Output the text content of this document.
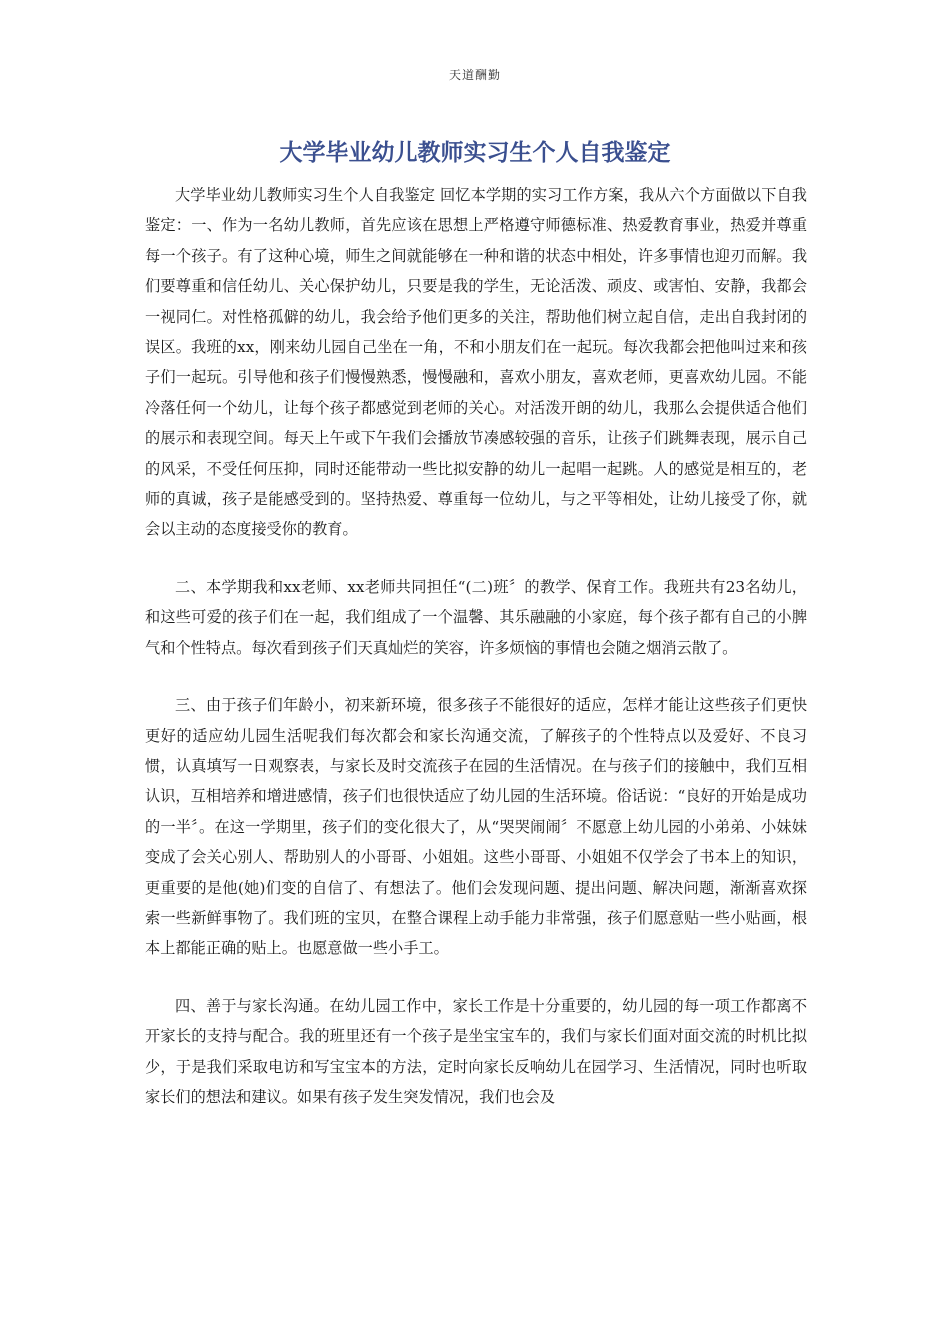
天道酬勤
大学毕业幼儿教师实习生个人自我鉴定

大学毕业幼儿教师实习生个人自我鉴定 回忆本学期的实习工作方案，我从六个方面做以下自我鉴定：一、作为一名幼儿教师，首先应该在思想上严格遵守师德标准、热爱教育事业，热爱并尊重每一个孩子。有了这种心境，师生之间就能够在一种和谐的状态中相处，许多事情也迎刃而解。我们要尊重和信任幼儿、关心保护幼儿，只要是我的学生，无论活泼、顽皮、或害怕、安静，我都会一视同仁。对性格孤僻的幼儿，我会给予他们更多的关注，帮助他们树立起自信，走出自我封闭的误区。我班的xx，刚来幼儿园自己坐在一角，不和小朋友们在一起玩。每次我都会把他叫过来和孩子们一起玩。引导他和孩子们慢慢熟悉，慢慢融和，喜欢小朋友，喜欢老师，更喜欢幼儿园。不能冷落任何一个幼儿，让每个孩子都感觉到老师的关心。对活泼开朗的幼儿，我那么会提供适合他们的展示和表现空间。每天上午或下午我们会播放节凑感较强的音乐，让孩子们跳舞表现，展示自己的风采，不受任何压抑，同时还能带动一些比拟安静的幼儿一起唱一起跳。人的感觉是相互的，老师的真诚，孩子是能感受到的。坚持热爱、尊重每一位幼儿，与之平等相处，让幼儿接受了你，就会以主动的态度接受你的教育。

二、本学期我和xx老师、xx老师共同担任“(二)班〞的教学、保育工作。我班共有23名幼儿，和这些可爱的孩子们在一起，我们组成了一个温馨、其乐融融的小家庭，每个孩子都有自己的小脾气和个性特点。每次看到孩子们天真灿烂的笑容，许多烦恼的事情也会随之烟消云散了。

三、由于孩子们年龄小，初来新环境，很多孩子不能很好的适应，怎样才能让这些孩子们更快更好的适应幼儿园生活呢我们每次都会和家长沟通交流，了解孩子的个性特点以及爱好、不良习惯，认真填写一日观察表，与家长及时交流孩子在园的生活情况。在与孩子们的接触中，我们互相认识，互相培养和增进感情，孩子们也很快适应了幼儿园的生活环境。俗话说：“良好的开始是成功的一半〞。在这一学期里，孩子们的变化很大了，从“哭哭闹闹〞不愿意上幼儿园的小弟弟、小妹妹变成了会关心别人、帮助别人的小哥哥、小姐姐。这些小哥哥、小姐姐不仅学会了书本上的知识，更重要的是他(她)们变的自信了、有想法了。他们会发现问题、提出问题、解决问题，渐渐喜欢探索一些新鲜事物了。我们班的宝贝，在整合课程上动手能力非常强，孩子们愿意贴一些小贴画，根本上都能正确的贴上。也愿意做一些小手工。

四、善于与家长沟通。在幼儿园工作中，家长工作是十分重要的，幼儿园的每一项工作都离不开家长的支持与配合。我的班里还有一个孩子是坐宝宝车的，我们与家长们面对面交流的时机比拟少，于是我们采取电访和写宝宝本的方法，定时向家长反响幼儿在园学习、生活情况，同时也听取家长们的想法和建议。如果有孩子发生突发情况，我们也会及
